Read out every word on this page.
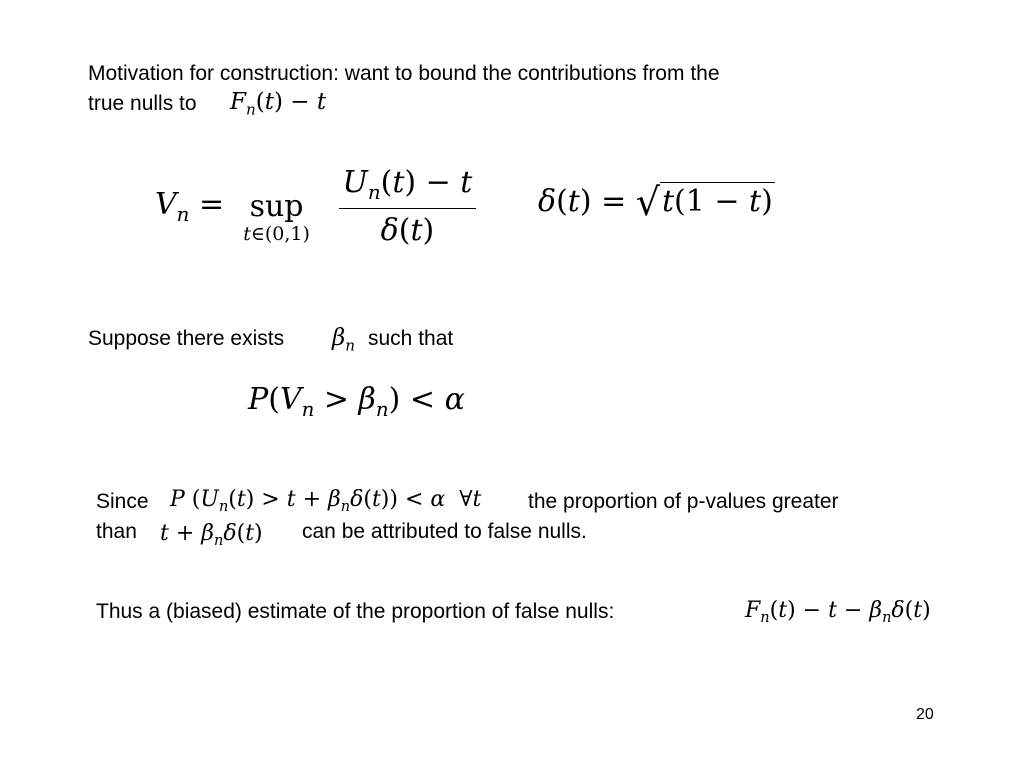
Motivation for construction: want to bound the contributions from the
true nulls to $F_n(t) - t$
$V_n$ = sup
t∈(0,1)
$\frac{U_n(t) - t}{\delta(t)} \delta(t) = √t(1 - t)$
Suppose there exists $\beta_n$ such that
$P(V_n > \beta_n) < \alpha$
Since P $(U_n(t) > t + \beta_n\delta(t)) < \alpha$  ∀t the proportion of p-values greater
than $t + \beta_n\delta(t)$ can be attributed to false nulls.
Thus a (biased) estimate of the proportion of false nulls:	$F_n(t) - t - \beta_n\delta(t)$
20
